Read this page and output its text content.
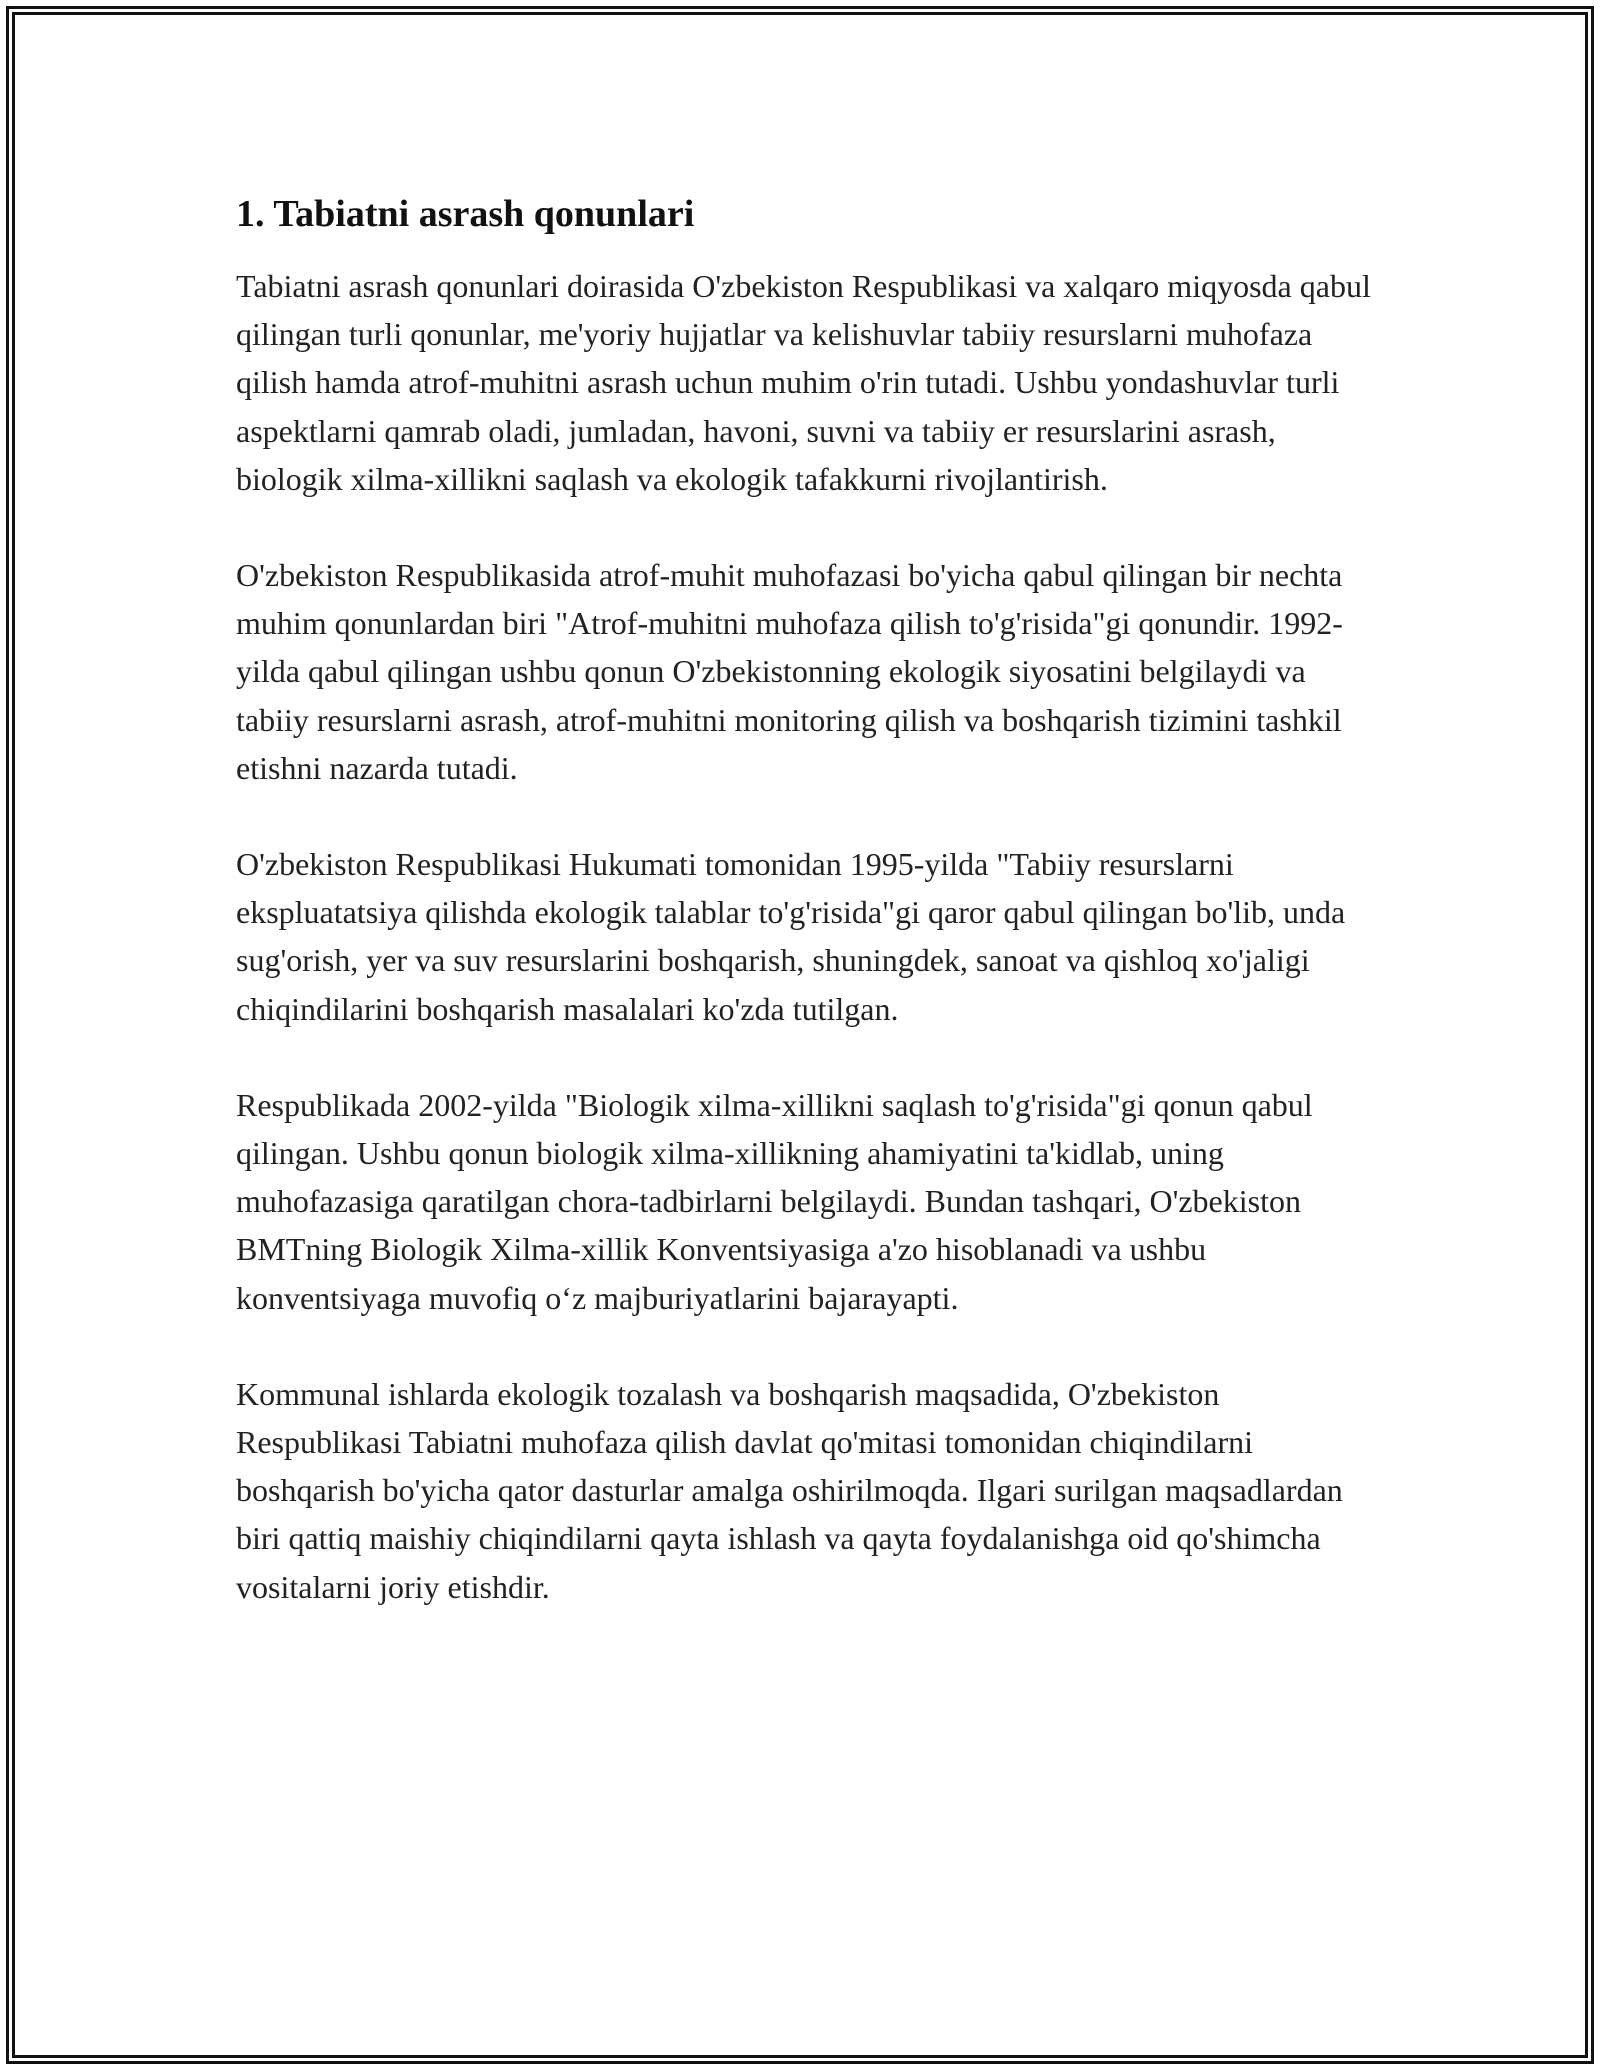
1. Tabiatni asrash qonunlari

Tabiatni asrash qonunlari doirasida O'zbekiston Respublikasi va xalqaro miqyosda qabul qilingan turli qonunlar, me'yoriy hujjatlar va kelishuvlar tabiiy resurslarni muhofaza qilish hamda atrof-muhitni asrash uchun muhim o'rin tutadi. Ushbu yondashuvlar turli aspektlarni qamrab oladi, jumladan, havoni, suvni va tabiiy er resurslarini asrash, biologik xilma-xillikni saqlash va ekologik tafakkurni rivojlantirish.

O'zbekiston Respublikasida atrof-muhit muhofazasi bo'yicha qabul qilingan bir nechta muhim qonunlardan biri "Atrof-muhitni muhofaza qilish to'g'risida"gi qonundir. 1992-yilda qabul qilingan ushbu qonun O'zbekistonning ekologik siyosatini belgilaydi va tabiiy resurslarni asrash, atrof-muhitni monitoring qilish va boshqarish tizimini tashkil etishni nazarda tutadi.

O'zbekiston Respublikasi Hukumati tomonidan 1995-yilda "Tabiiy resurslarni ekspluatatsiya qilishda ekologik talablar to'g'risida"gi qaror qabul qilingan bo'lib, unda sug'orish, yer va suv resurslarini boshqarish, shuningdek, sanoat va qishloq xo'jaligi chiqindilarini boshqarish masalalari ko'zda tutilgan.

Respublikada 2002-yilda "Biologik xilma-xillikni saqlash to'g'risida"gi qonun qabul qilingan. Ushbu qonun biologik xilma-xillikning ahamiyatini ta'kidlab, uning muhofazasiga qaratilgan chora-tadbirlarni belgilaydi. Bundan tashqari, O'zbekiston BMTning Biologik Xilma-xillik Konventsiyasiga a'zo hisoblanadi va ushbu konventsiyaga muvofiq o‘z majburiyatlarini bajarayapti.

Kommunal ishlarda ekologik tozalash va boshqarish maqsadida, O'zbekiston Respublikasi Tabiatni muhofaza qilish davlat qo'mitasi tomonidan chiqindilarni boshqarish bo'yicha qator dasturlar amalga oshirilmoqda. Ilgari surilgan maqsadlardan biri qattiq maishiy chiqindilarni qayta ishlash va qayta foydalanishga oid qo'shimcha vositalarni joriy etishdir.
